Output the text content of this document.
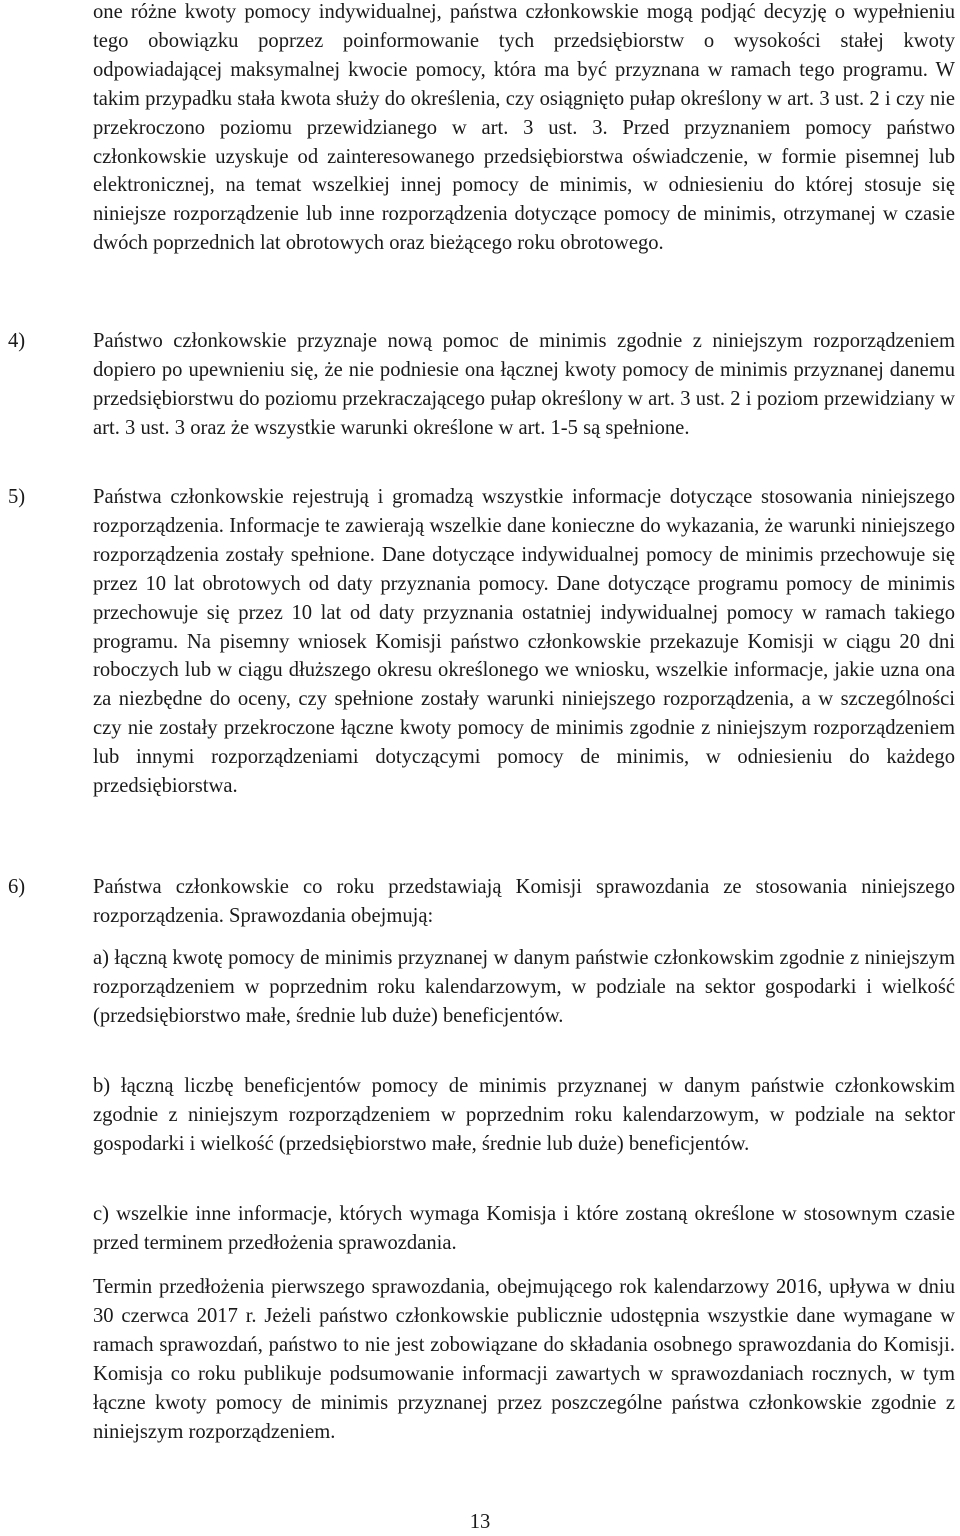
one różne kwoty pomocy indywidualnej, państwa członkowskie mogą podjąć decyzję o wypełnieniu tego obowiązku poprzez poinformowanie tych przedsiębiorstw o wysokości stałej kwoty odpowiadającej maksymalnej kwocie pomocy, która ma być przyznana w ramach tego programu. W takim przypadku stała kwota służy do określenia, czy osiągnięto pułap określony w art. 3 ust. 2 i czy nie przekroczono poziomu przewidzianego w art. 3 ust. 3. Przed przyznaniem pomocy państwo członkowskie uzyskuje od zainteresowanego przedsiębiorstwa oświadczenie, w formie pisemnej lub elektronicznej, na temat wszelkiej innej pomocy de minimis, w odniesieniu do której stosuje się niniejsze rozporządzenie lub inne rozporządzenia dotyczące pomocy de minimis, otrzymanej w czasie dwóch poprzednich lat obrotowych oraz bieżącego roku obrotowego.

4)	Państwo członkowskie przyznaje nową pomoc de minimis zgodnie z niniejszym rozporządzeniem dopiero po upewnieniu się, że nie podniesie ona łącznej kwoty pomocy de minimis przyznanej danemu przedsiębiorstwu do poziomu przekraczającego pułap określony w art. 3 ust. 2 i poziom przewidziany w art. 3 ust. 3 oraz że wszystkie warunki określone w art. 1-5 są spełnione.

5)	Państwa członkowskie rejestrują i gromadzą wszystkie informacje dotyczące stosowania niniejszego rozporządzenia. Informacje te zawierają wszelkie dane konieczne do wykazania, że warunki niniejszego rozporządzenia zostały spełnione. Dane dotyczące indywidualnej pomocy de minimis przechowuje się przez 10 lat obrotowych od daty przyznania pomocy. Dane dotyczące programu pomocy de minimis przechowuje się przez 10 lat od daty przyznania ostatniej indywidualnej pomocy w ramach takiego programu. Na pisemny wniosek Komisji państwo członkowskie przekazuje Komisji w ciągu 20 dni roboczych lub w ciągu dłuższego okresu określonego we wniosku, wszelkie informacje, jakie uzna ona za niezbędne do oceny, czy spełnione zostały warunki niniejszego rozporządzenia, a w szczególności czy nie zostały przekroczone łączne kwoty pomocy de minimis zgodnie z niniejszym rozporządzeniem lub innymi rozporządzeniami dotyczącymi pomocy de minimis, w odniesieniu do każdego przedsiębiorstwa.

6)	Państwa członkowskie co roku przedstawiają Komisji sprawozdania ze stosowania niniejszego rozporządzenia. Sprawozdania obejmują:

a) łączną kwotę pomocy de minimis przyznanej w danym państwie członkowskim zgodnie z niniejszym rozporządzeniem w poprzednim roku kalendarzowym, w podziale na sektor gospodarki i wielkość (przedsiębiorstwo małe, średnie lub duże) beneficjentów.

b) łączną liczbę beneficjentów pomocy de minimis przyznanej w danym państwie członkowskim zgodnie z niniejszym rozporządzeniem w poprzednim roku kalendarzowym, w podziale na sektor gospodarki i wielkość (przedsiębiorstwo małe, średnie lub duże) beneficjentów.

c) wszelkie inne informacje, których wymaga Komisja i które zostaną określone w stosownym czasie przed terminem przedłożenia sprawozdania.

Termin przedłożenia pierwszego sprawozdania, obejmującego rok kalendarzowy 2016, upływa w dniu 30 czerwca 2017 r. Jeżeli państwo członkowskie publicznie udostępnia wszystkie dane wymagane w ramach sprawozdań, państwo to nie jest zobowiązane do składania osobnego sprawozdania do Komisji. Komisja co roku publikuje podsumowanie informacji zawartych w sprawozdaniach rocznych, w tym łączne kwoty pomocy de minimis przyznanej przez poszczególne państwa członkowskie zgodnie z niniejszym rozporządzeniem.

13
